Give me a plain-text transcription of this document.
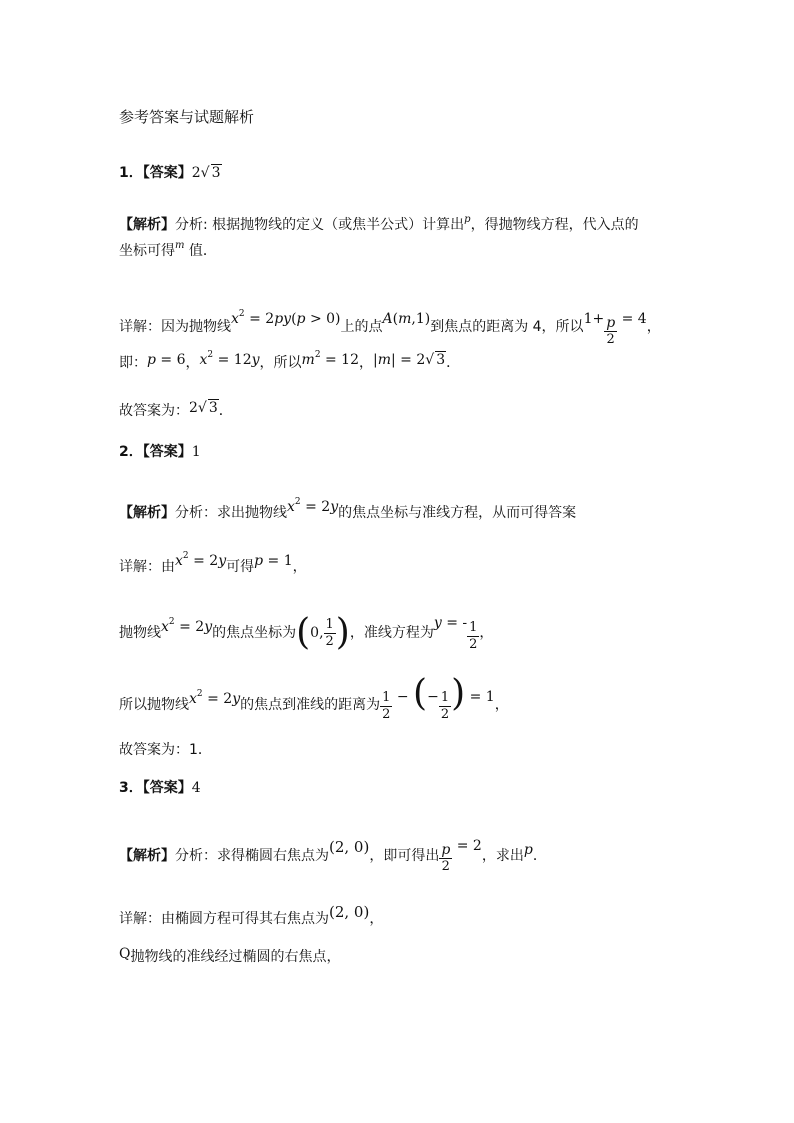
参考答案与试题解析
1．【答案】2√ 3
【解析】分析: 根据抛物线的定义（或焦半公式）计算出$^p$，得抛物线方程，代入点的
坐标可得$^m$ 值．
详解：因为抛物线$x^2 = 2py(p > 0)$上的点A(m,1)到焦点的距离为 4，所以$1+ \frac{p}{2} = 4$，
即：p = 6，$x^2 = 12y$，所以$m^2 = 12$，|m| = 2√ 3．
故答案为：2√ 3．
2．【答案】1
【解析】分析：求出抛物线$x^2 = 2y$的焦点坐标与准线方程，从而可得答案
详解：由$x^2 = 2y$可得p = 1，
抛物线$x^2 = 2y$的焦点坐标为(0, $\frac{1}{2}$ )，准线方程为y = - $\frac{1}{2}$ ，
所以抛物线$x^2 = 2y$的焦点到准线的距离为 $\frac{1}{2}$ − (− $\frac{1}{2}$ ) = 1，
故答案为：1．
3．【答案】4
【解析】分析：求得椭圆右焦点为(2, 0)，即可得出 $\frac{p}{2} = 2$，求出p．
详解：由椭圆方程可得其右焦点为(2, 0)，
Q抛物线的准线经过椭圆的右焦点，
